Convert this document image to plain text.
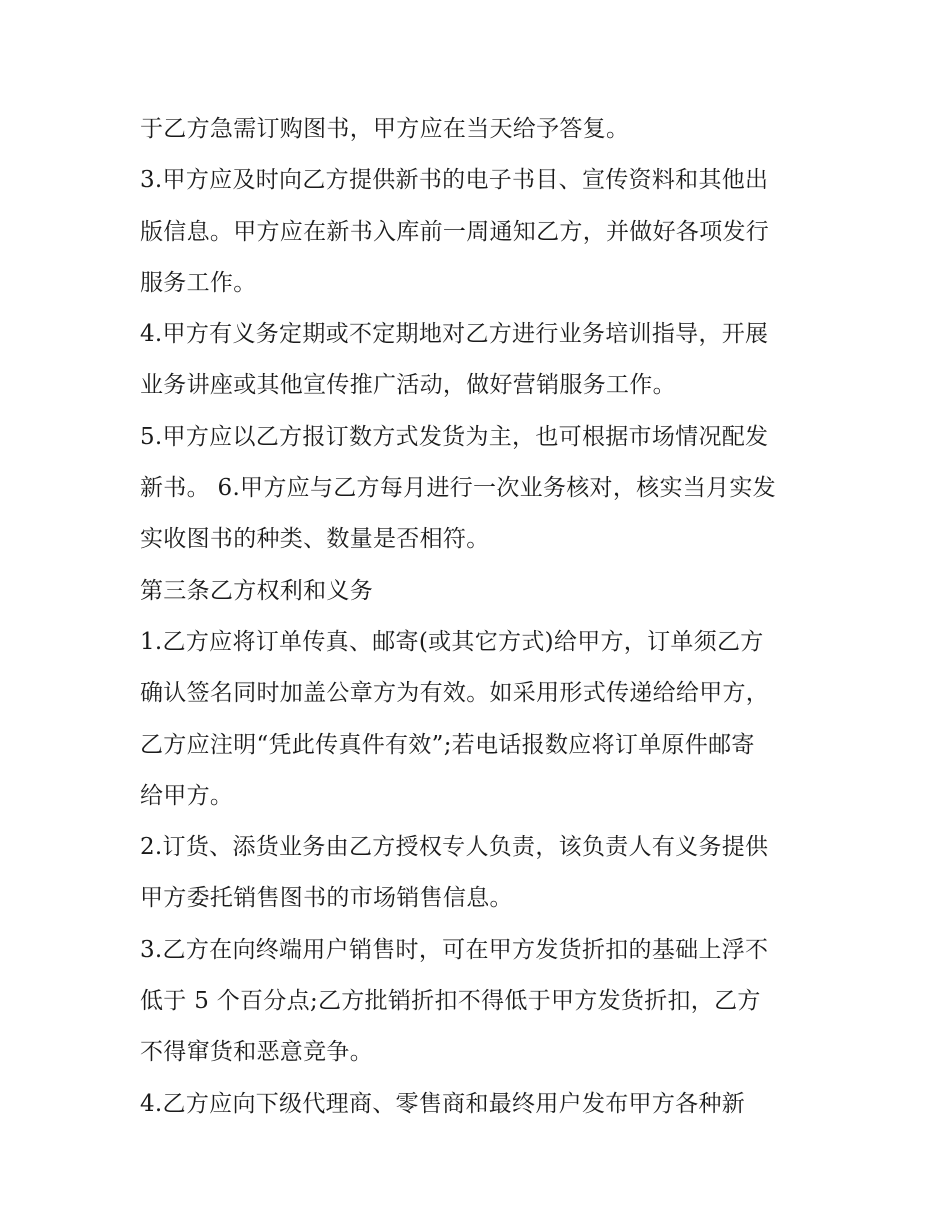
于乙方急需订购图书，甲方应在当天给予答复。

3.甲方应及时向乙方提供新书的电子书目、宣传资料和其他出

版信息。甲方应在新书入库前一周通知乙方，并做好各项发行

服务工作。

4.甲方有义务定期或不定期地对乙方进行业务培训指导，开展

业务讲座或其他宣传推广活动，做好营销服务工作。

5.甲方应以乙方报订数方式发货为主，也可根据市场情况配发

新书。 6.甲方应与乙方每月进行一次业务核对，核实当月实发

实收图书的种类、数量是否相符。

第三条乙方权利和义务

1.乙方应将订单传真、邮寄(或其它方式)给甲方，订单须乙方

确认签名同时加盖公章方为有效。如采用形式传递给给甲方，

乙方应注明“凭此传真件有效”;若电话报数应将订单原件邮寄

给甲方。

2.订货、添货业务由乙方授权专人负责，该负责人有义务提供

甲方委托销售图书的市场销售信息。

3.乙方在向终端用户销售时，可在甲方发货折扣的基础上浮不

低于 5 个百分点;乙方批销折扣不得低于甲方发货折扣，乙方

不得窜货和恶意竞争。

4.乙方应向下级代理商、零售商和最终用户发布甲方各种新
